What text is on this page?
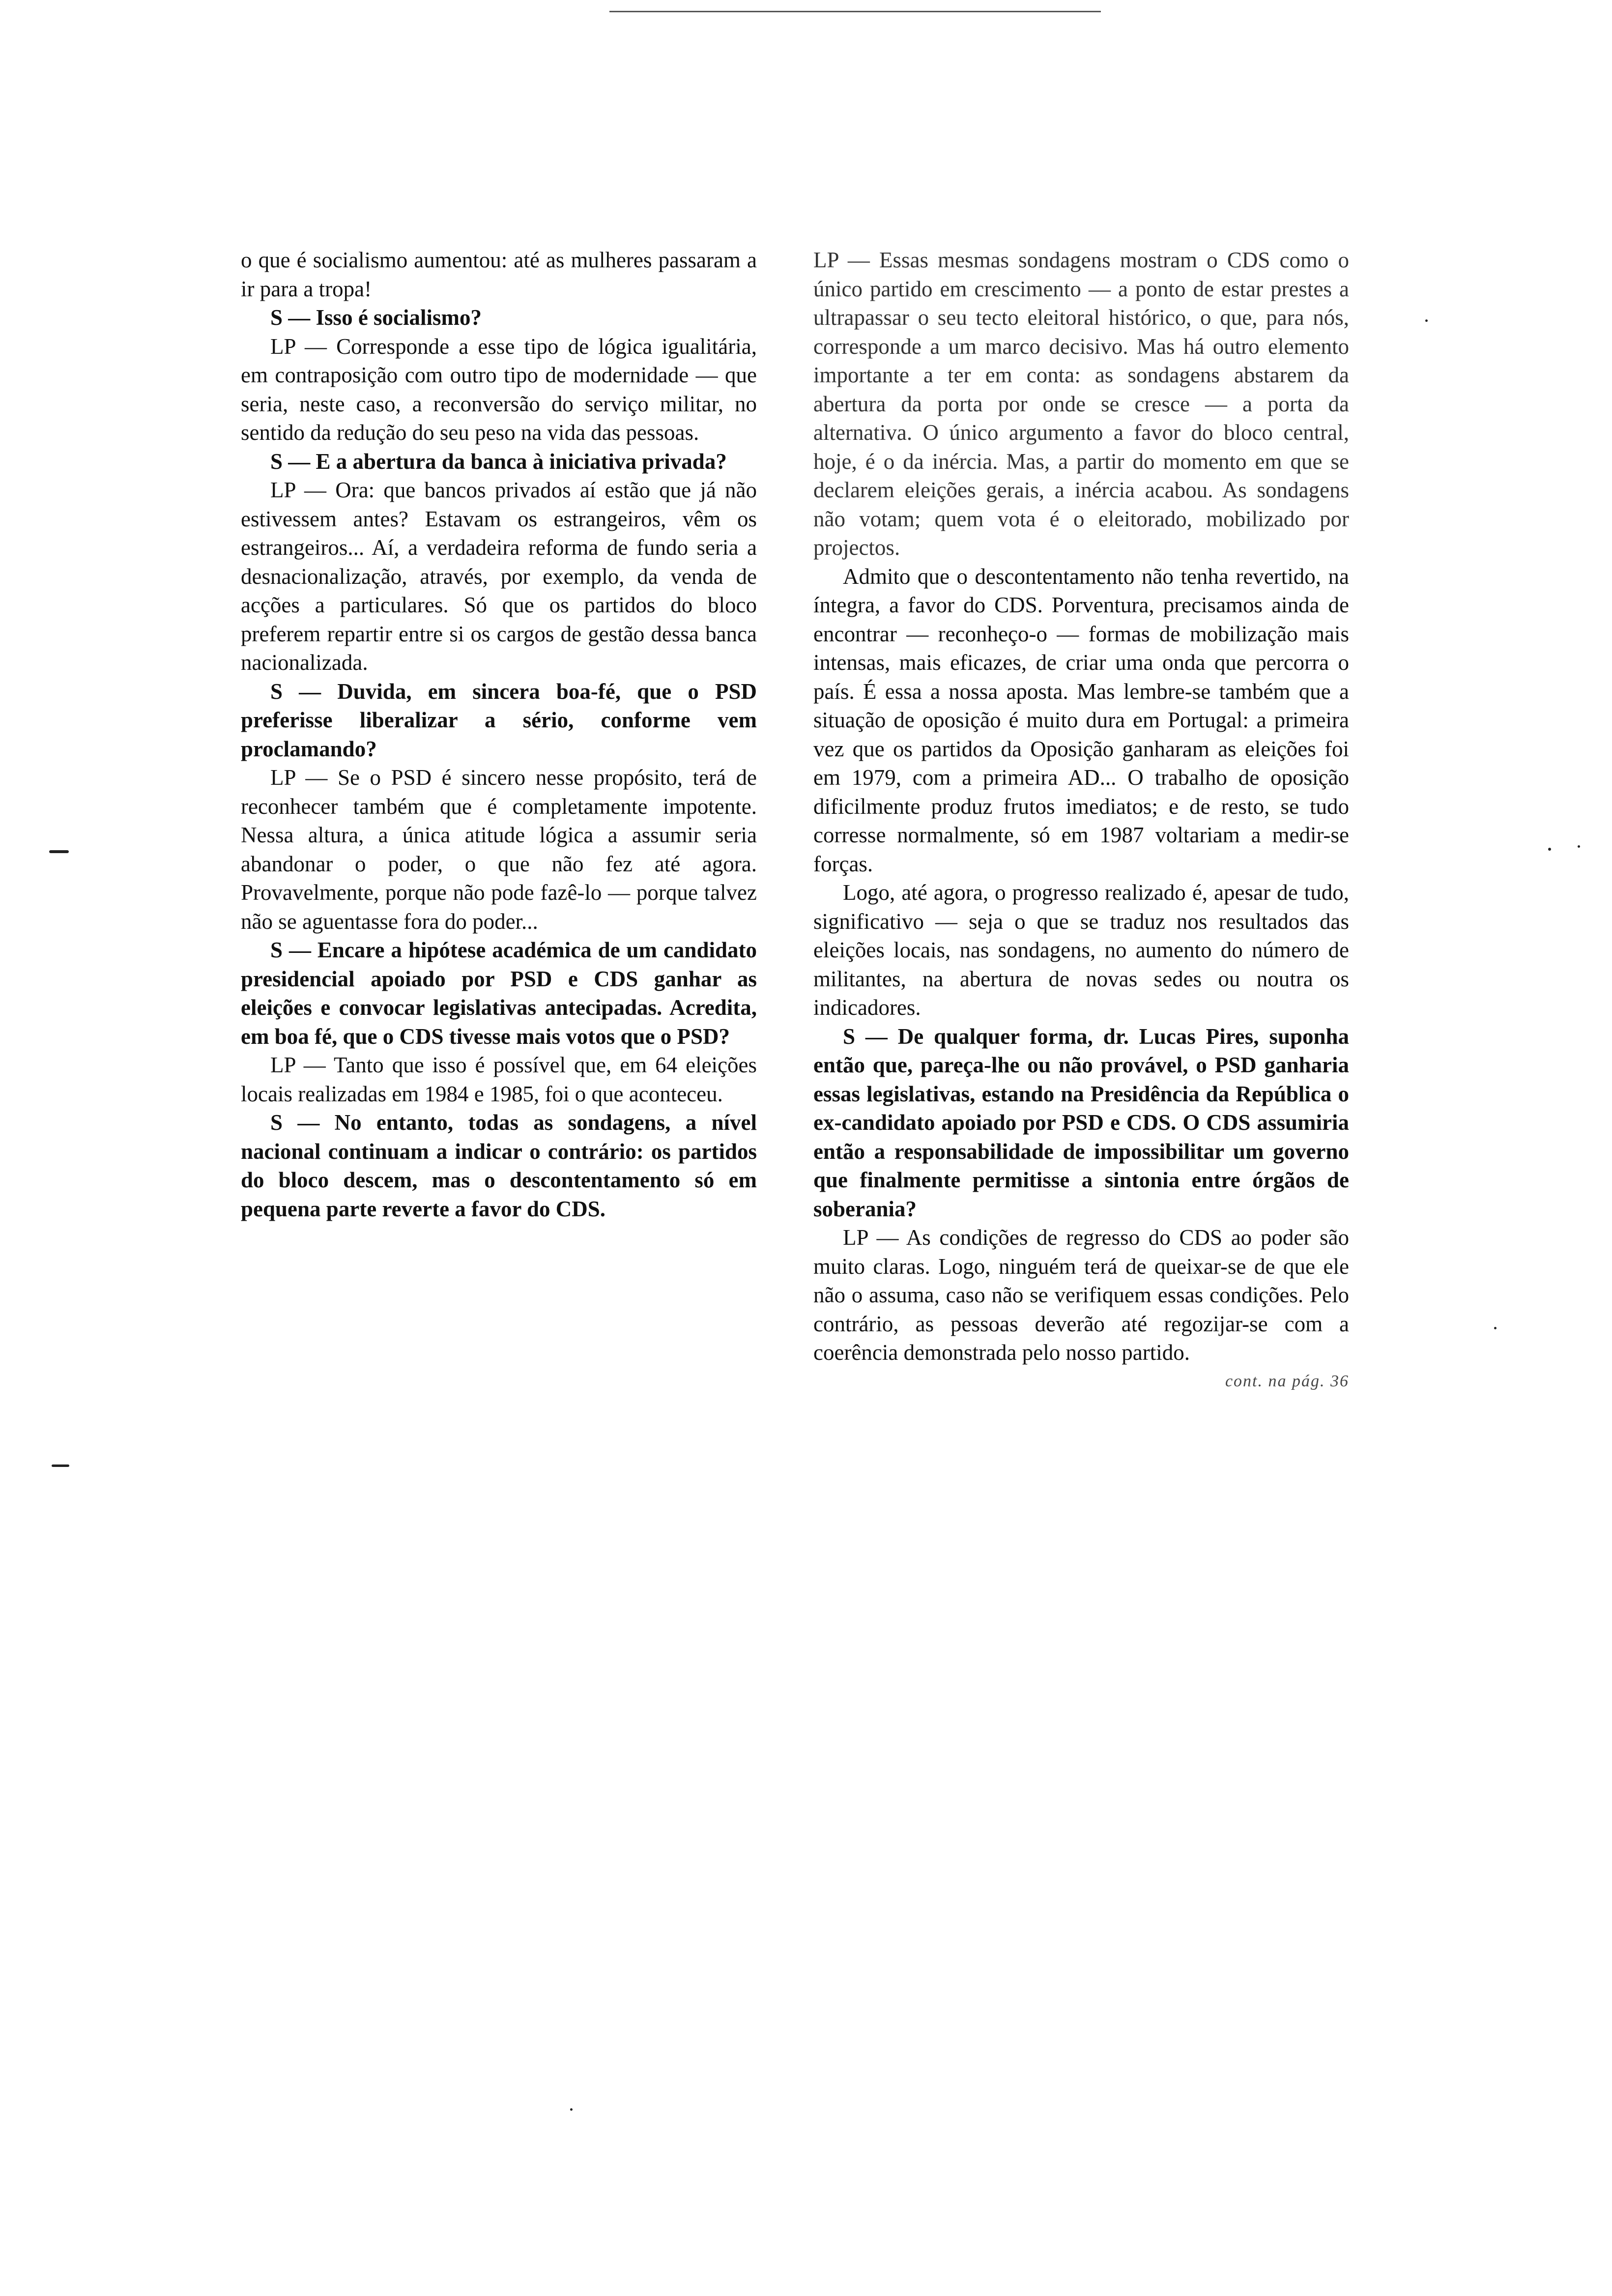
o que é socialismo aumentou: até as mulheres passaram a ir para a tropa!

S — Isso é socialismo?

LP — Corresponde a esse tipo de lógica igualitária, em contraposição com outro tipo de modernidade — que seria, neste caso, a reconversão do serviço militar, no sentido da redução do seu peso na vida das pessoas.

S — E a abertura da banca à iniciativa privada?

LP — Ora: que bancos privados aí estão que já não estivessem antes? Estavam os estrangeiros, vêm os estrangeiros... Aí, a verdadeira reforma de fundo seria a desnacionalização, através, por exemplo, da venda de acções a particulares. Só que os partidos do bloco preferem repartir entre si os cargos de gestão dessa banca nacionalizada.

S — Duvida, em sincera boa-fé, que o PSD preferisse liberalizar a sério, conforme vem proclamando?

LP — Se o PSD é sincero nesse propósito, terá de reconhecer também que é completamente impotente. Nessa altura, a única atitude lógica a assumir seria abandonar o poder, o que não fez até agora. Provavelmente, porque não pode fazê-lo — porque talvez não se aguentasse fora do poder...

S — Encare a hipótese académica de um candidato presidencial apoiado por PSD e CDS ganhar as eleições e convocar legislativas antecipadas. Acredita, em boa fé, que o CDS tivesse mais votos que o PSD?

LP — Tanto que isso é possível que, em 64 eleições locais realizadas em 1984 e 1985, foi o que aconteceu.

S — No entanto, todas as sondagens, a nível nacional continuam a indicar o contrário: os partidos do bloco descem, mas o descontentamento só em pequena parte reverte a favor do CDS.

LP — Essas mesmas sondagens mostram o CDS como o único partido em crescimento — a ponto de estar prestes a ultrapassar o seu tecto eleitoral histórico, o que, para nós, corresponde a um marco decisivo. Mas há outro elemento importante a ter em conta: as sondagens abstarem da abertura da porta por onde se cresce — a porta da alternativa. O único argumento a favor do bloco central, hoje, é o da inércia. Mas, a partir do momento em que se declarem eleições gerais, a inércia acabou. As sondagens não votam; quem vota é o eleitorado, mobilizado por projectos.

Admito que o descontentamento não tenha revertido, na íntegra, a favor do CDS. Porventura, precisamos ainda de encontrar — reconheço-o — formas de mobilização mais intensas, mais eficazes, de criar uma onda que percorra o país. É essa a nossa aposta. Mas lembre-se também que a situação de oposição é muito dura em Portugal: a primeira vez que os partidos da Oposição ganharam as eleições foi em 1979, com a primeira AD... O trabalho de oposição dificilmente produz frutos imediatos; e de resto, se tudo corresse normalmente, só em 1987 voltariam a medir-se forças.

Logo, até agora, o progresso realizado é, apesar de tudo, significativo — seja o que se traduz nos resultados das eleições locais, nas sondagens, no aumento do número de militantes, na abertura de novas sedes ou noutra os indicadores.

S — De qualquer forma, dr. Lucas Pires, suponha então que, pareça-lhe ou não provável, o PSD ganharia essas legislativas, estando na Presidência da República o ex-candidato apoiado por PSD e CDS. O CDS assumiria então a responsabilidade de impossibilitar um governo que finalmente permitisse a sintonia entre órgãos de soberania?

LP — As condições de regresso do CDS ao poder são muito claras. Logo, ninguém terá de queixar-se de que ele não o assuma, caso não se verifiquem essas condições. Pelo contrário, as pessoas deverão até regozijar-se com a coerência demonstrada pelo nosso partido.

cont. na pág. 36
